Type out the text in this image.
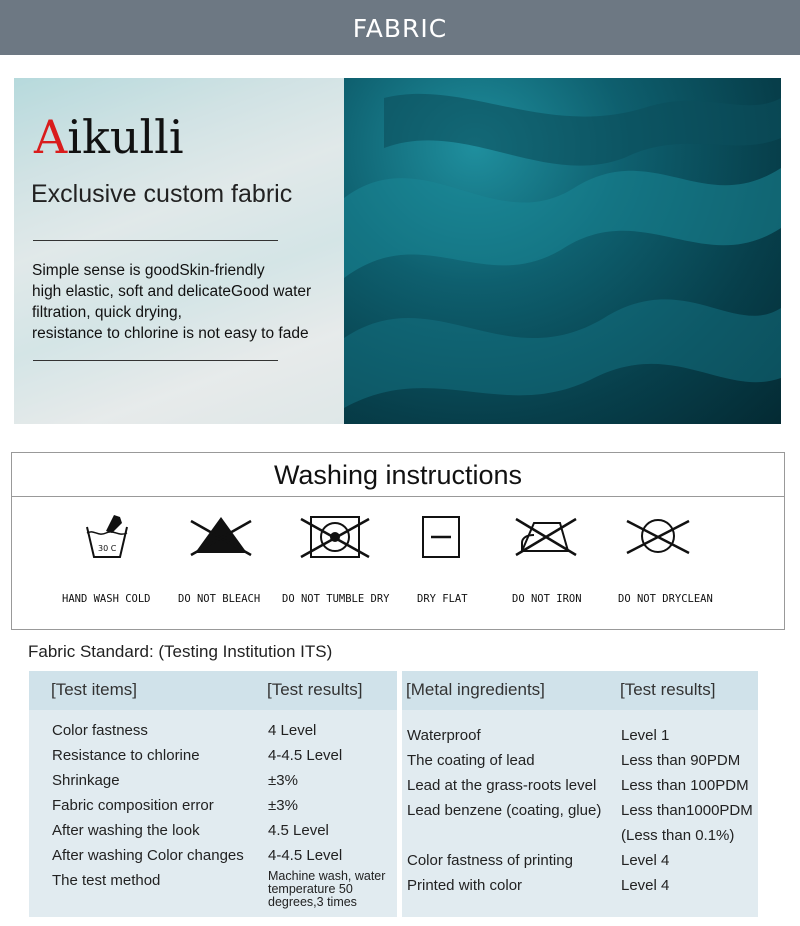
FABRIC
Aikulli
Exclusive custom fabric
Simple sense is goodSkin-friendly
high elastic, soft and delicateGood water
filtration, quick drying,
resistance to chlorine is not easy to fade
Washing instructions
30 C
HAND WASH COLD	DO NOT BLEACH DO NOT TUMBLE DRY	DRY FLAT	DO NOT IRON	DO NOT DRYCLEAN
Fabric Standard: (Testing Institution ITS)
[Test items]	[Test results]
Color fastness	4 Level
Resistance to chlorine	4-4.5 Level
Shrinkage	±3%
Fabric composition error	±3%
After washing the look	4.5 Level
After washing Color changes 4-4.5 Level
The test method	Machine wash, water temperature 50 degrees,3 times
[Metal ingredients]	[Test results]
Waterproof	Level 1
The coating of lead	Less than 90PDM
Lead at the grass-roots level Less than 100PDM
Lead benzene (coating, glue) Less than1000PDM
(Less than 0.1%)
Color fastness of printing	Level 4
Printed with color	Level 4
